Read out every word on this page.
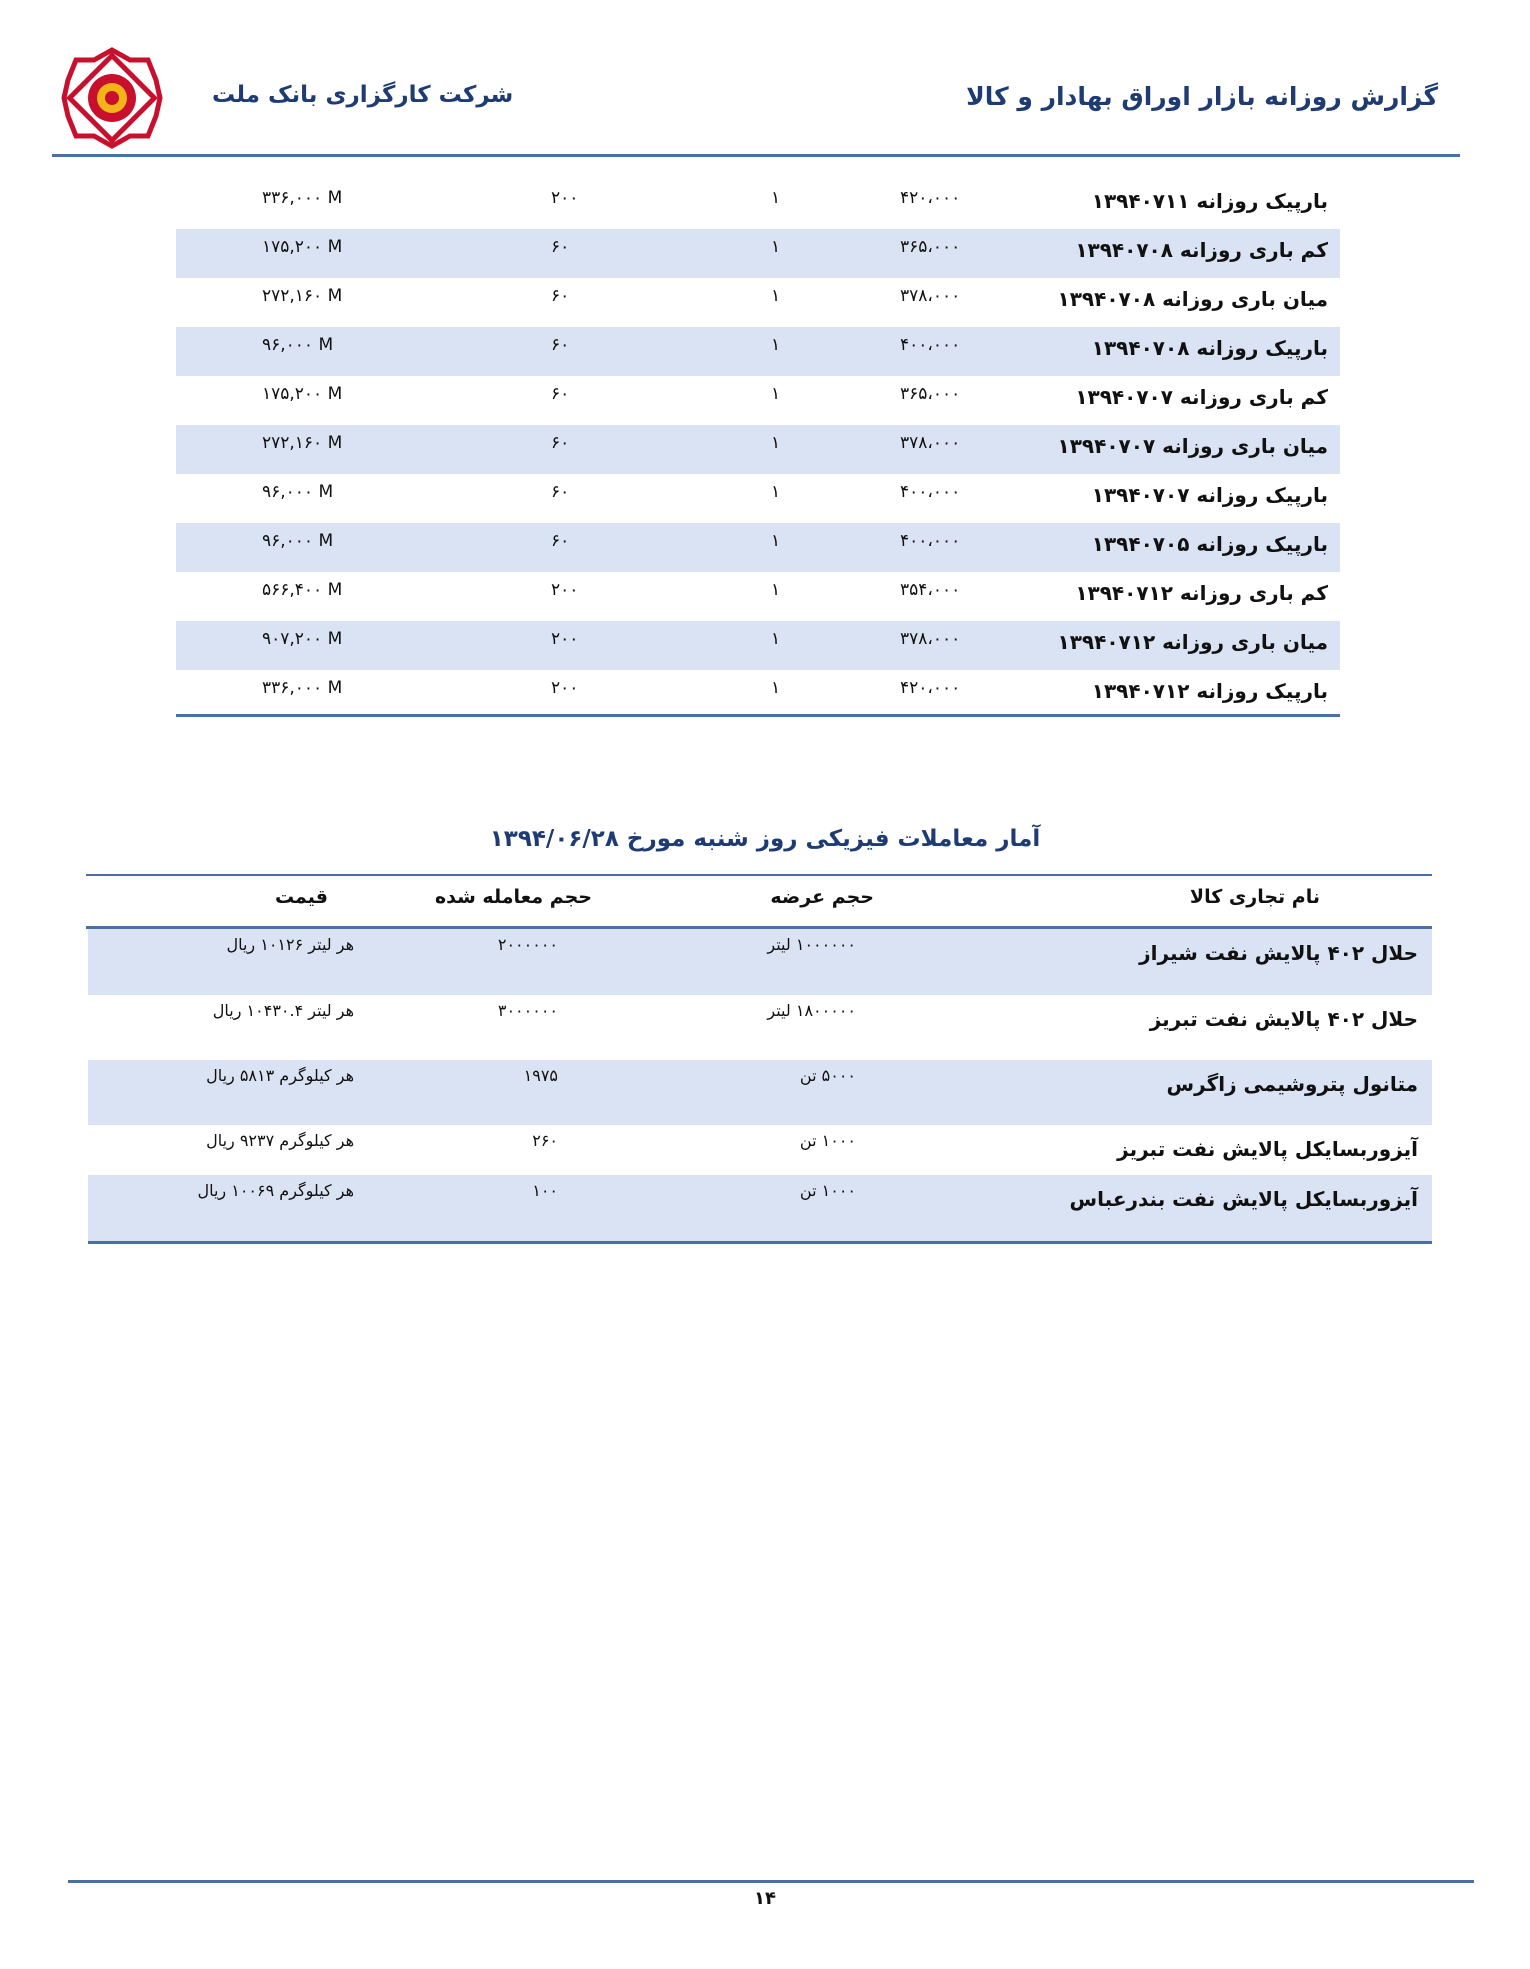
شرکت کارگزاری بانک ملت	گزارش روزانه بازار اوراق بهادار و کالا
بارپیک روزانه ۱۳۹۴۰۷۱۱
۴۲۰،۰۰۰
۱
۲۰۰
۳۳۶,۰۰۰ M
کم باری روزانه ۱۳۹۴۰۷۰۸
۳۶۵،۰۰۰
۱
۶۰
۱۷۵,۲۰۰ M
میان باری روزانه ۱۳۹۴۰۷۰۸
۳۷۸،۰۰۰
۱
۶۰
۲۷۲,۱۶۰ M
بارپیک روزانه ۱۳۹۴۰۷۰۸
۴۰۰،۰۰۰
۱
۶۰
۹۶,۰۰۰ M
کم باری روزانه ۱۳۹۴۰۷۰۷
۳۶۵،۰۰۰
۱
۶۰
۱۷۵,۲۰۰ M
میان باری روزانه ۱۳۹۴۰۷۰۷
۳۷۸،۰۰۰
۱
۶۰
۲۷۲,۱۶۰ M
بارپیک روزانه ۱۳۹۴۰۷۰۷
۴۰۰،۰۰۰
۱
۶۰
۹۶,۰۰۰ M
بارپیک روزانه ۱۳۹۴۰۷۰۵
۴۰۰،۰۰۰
۱
۶۰
۹۶,۰۰۰ M
کم باری روزانه ۱۳۹۴۰۷۱۲
۳۵۴،۰۰۰
۱
۲۰۰
۵۶۶,۴۰۰ M
میان باری روزانه ۱۳۹۴۰۷۱۲
۳۷۸،۰۰۰
۱
۲۰۰
۹۰۷,۲۰۰ M
بارپیک روزانه ۱۳۹۴۰۷۱۲
۴۲۰،۰۰۰
۱
۲۰۰
۳۳۶,۰۰۰ M
آمار معاملات فیزیکی روز شنبه مورخ ۱۳۹۴/۰۶/۲۸
نام تجاری کالا
حجم عرضه
حجم معامله شده
قیمت
حلال ۴۰۲ پالایش نفت شیراز
۱۰۰۰۰۰۰ لیتر
۲۰۰۰۰۰۰
هر لیتر ۱۰۱۲۶ ریال
حلال ۴۰۲ پالایش نفت تبریز
۱۸۰۰۰۰۰ لیتر
۳۰۰۰۰۰۰
هر لیتر ۱۰۴۳۰.۴ ریال
متانول پتروشیمی زاگرس
۵۰۰۰ تن
۱۹۷۵
هر کیلوگرم ۵۸۱۳ ریال
آیزوربسایکل پالایش نفت تبریز
۱۰۰۰ تن
۲۶۰
هر کیلوگرم ۹۲۳۷ ریال
آیزوربسایکل پالایش نفت بندرعباس
۱۰۰۰ تن
۱۰۰
هر کیلوگرم ۱۰۰۶۹ ریال
۱۴
